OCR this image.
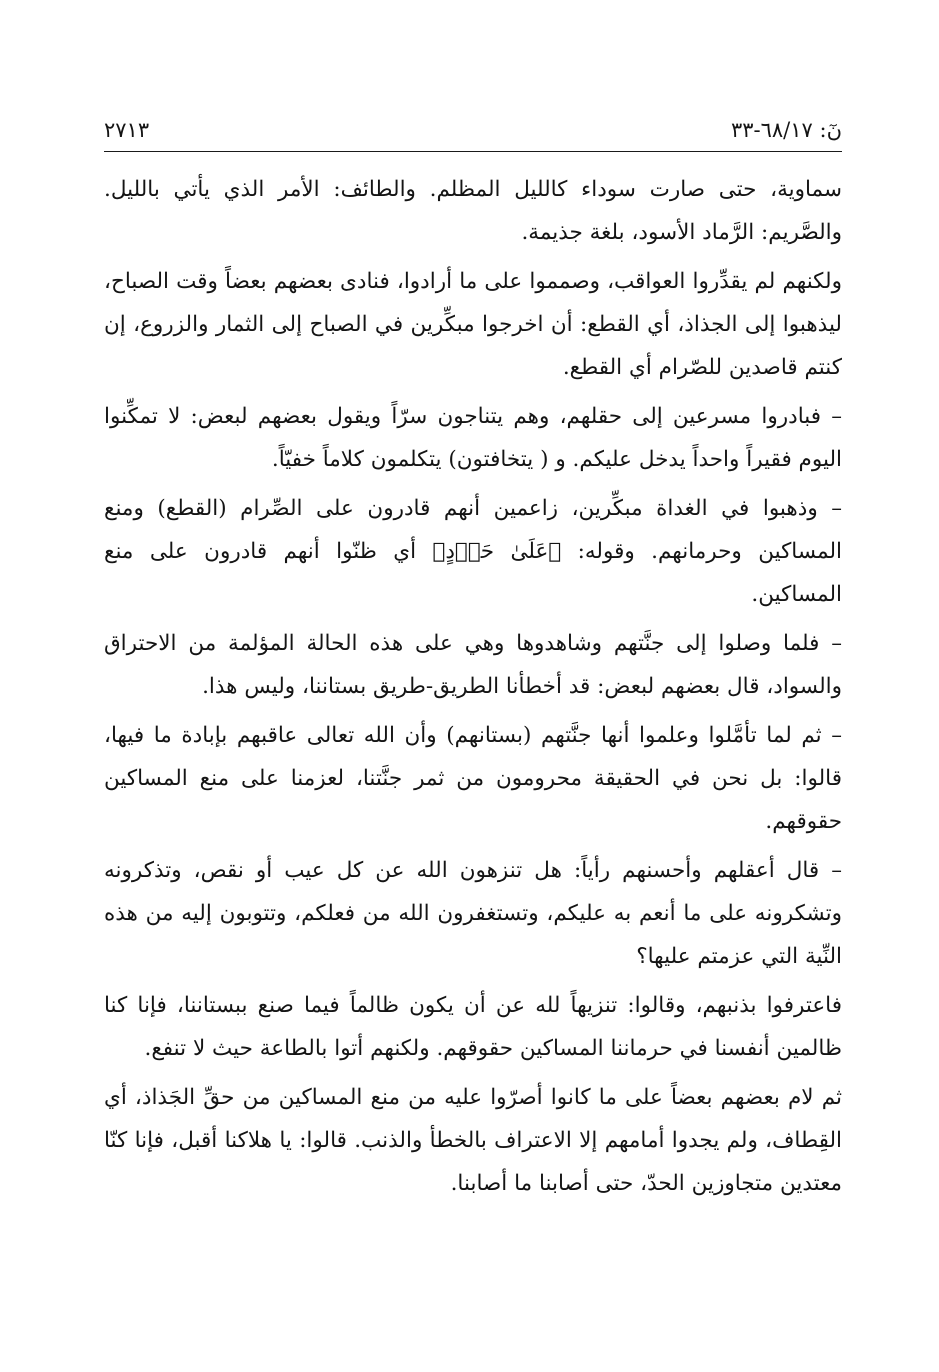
٢٧١٣	نٓ: ٦٨/١٧-٣٣

سماوية، حتى صارت سوداء كالليل المظلم. والطائف: الأمر الذي يأتي بالليل. والصَّريم: الرَّماد الأسود، بلغة جذيمة.

ولكنهم لم يقدِّروا العواقب، وصمموا على ما أرادوا، فنادى بعضهم بعضاً وقت الصباح، ليذهبوا إلى الجذاذ، أي القطع: أن اخرجوا مبكِّرين في الصباح إلى الثمار والزروع، إن كنتم قاصدين للصّرام أي القطع.

– فبادروا مسرعين إلى حقلهم، وهم يتناجون سرّاً ويقول بعضهم لبعض: لا تمكِّنوا اليوم فقيراً واحداً يدخل عليكم. و ( يتخافتون) يتكلمون كلاماً خفيّاً.

– وذهبوا في الغداة مبكِّرين، زاعمين أنهم قادرون على الصِّرام (القطع) ومنع المساكين وحرمانهم. وقوله: ﴿عَلَىٰ حَرۡدٍ﴾ أي ظنّوا أنهم قادرون على منع المساكين.

– فلما وصلوا إلى جنَّتهم وشاهدوها وهي على هذه الحالة المؤلمة من الاحتراق والسواد، قال بعضهم لبعض: قد أخطأنا الطريق-طريق بستاننا، وليس هذا.

– ثم لما تأمَّلوا وعلموا أنها جنَّتهم (بستانهم) وأن الله تعالى عاقبهم بإبادة ما فيها، قالوا: بل نحن في الحقيقة محرومون من ثمر جنَّتنا، لعزمنا على منع المساكين حقوقهم.

– قال أعقلهم وأحسنهم رأياً: هل تنزهون الله عن كل عيب أو نقص، وتذكرونه وتشكرونه على ما أنعم به عليكم، وتستغفرون الله من فعلكم، وتتوبون إليه من هذه النِّية التي عزمتم عليها؟

فاعترفوا بذنبهم، وقالوا: تنزيهاً لله عن أن يكون ظالماً فيما صنع ببستاننا، فإنا كنا ظالمين أنفسنا في حرماننا المساكين حقوقهم. ولكنهم أتوا بالطاعة حيث لا تنفع.

ثم لام بعضهم بعضاً على ما كانوا أصرّوا عليه من منع المساكين من حقِّ الجَذاذ، أي القِطاف، ولم يجدوا أمامهم إلا الاعتراف بالخطأ والذنب. قالوا: يا هلاكنا أقبل، فإنا كنّا معتدين متجاوزين الحدّ، حتى أصابنا ما أصابنا.
